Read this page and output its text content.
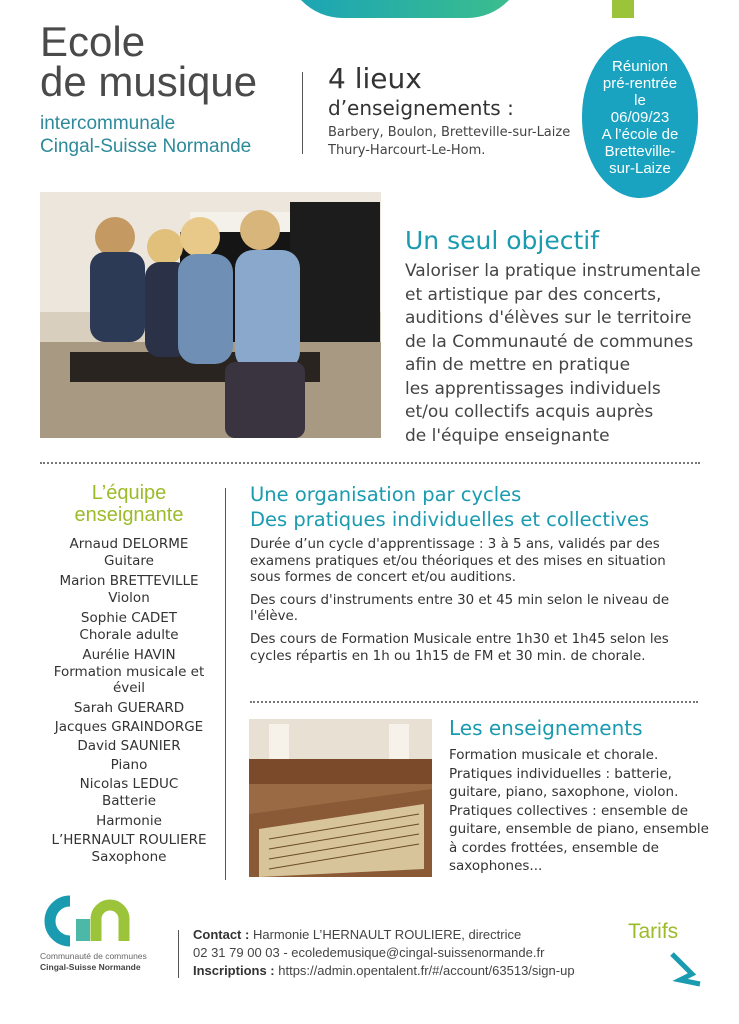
Ecole
de musique
intercommunale
Cingal-Suisse Normande
4 lieux
d’enseignements :
Barbery, Boulon, Bretteville-sur-Laize
Thury-Harcourt-Le-Hom.
Réunion
pré-rentrée
le
06/09/23
A l’école de
Bretteville-
sur-Laize
Un seul objectif
Valoriser la pratique instrumentale
et artistique par des concerts,
auditions d'élèves sur le territoire
de la Communauté de communes
afin de mettre en pratique
les apprentissages individuels
et/ou collectifs acquis auprès
de l'équipe enseignante
L’équipe
enseignante
Arnaud DELORME
Guitare
Marion BRETTEVILLE
Violon
Sophie CADET
Chorale adulte
Aurélie HAVIN
Formation musicale et éveil
Sarah GUERARD
Jacques GRAINDORGE
David SAUNIER
Piano
Nicolas LEDUC
Batterie
Harmonie
L’HERNAULT ROULIERE
Saxophone
Une organisation par cycles
Des pratiques individuelles et collectives

Durée d’un cycle d'apprentissage : 3 à 5 ans, validés par des examens pratiques et/ou théoriques et des mises en situation sous formes de concert et/ou auditions.

Des cours d'instruments entre 30 et 45 min selon le niveau de l'élève.

Des cours de Formation Musicale entre 1h30 et 1h45 selon les cycles répartis en 1h ou 1h15 de FM et 30 min. de chorale.

Les enseignements
Formation musicale et chorale. Pratiques individuelles : batterie, guitare, piano, saxophone, violon. Pratiques collectives : ensemble de guitare, ensemble de piano, ensemble à cordes frottées, ensemble de saxophones...
CSN
Communauté de communes
Cingal-Suisse Normande
Contact : Harmonie L’HERNAULT ROULIERE, directrice
02 31 79 00 03 - ecoledemusique@cingal-suissenormande.fr
Inscriptions : https://admin.opentalent.fr/#/account/63513/sign-up
Tarifs
